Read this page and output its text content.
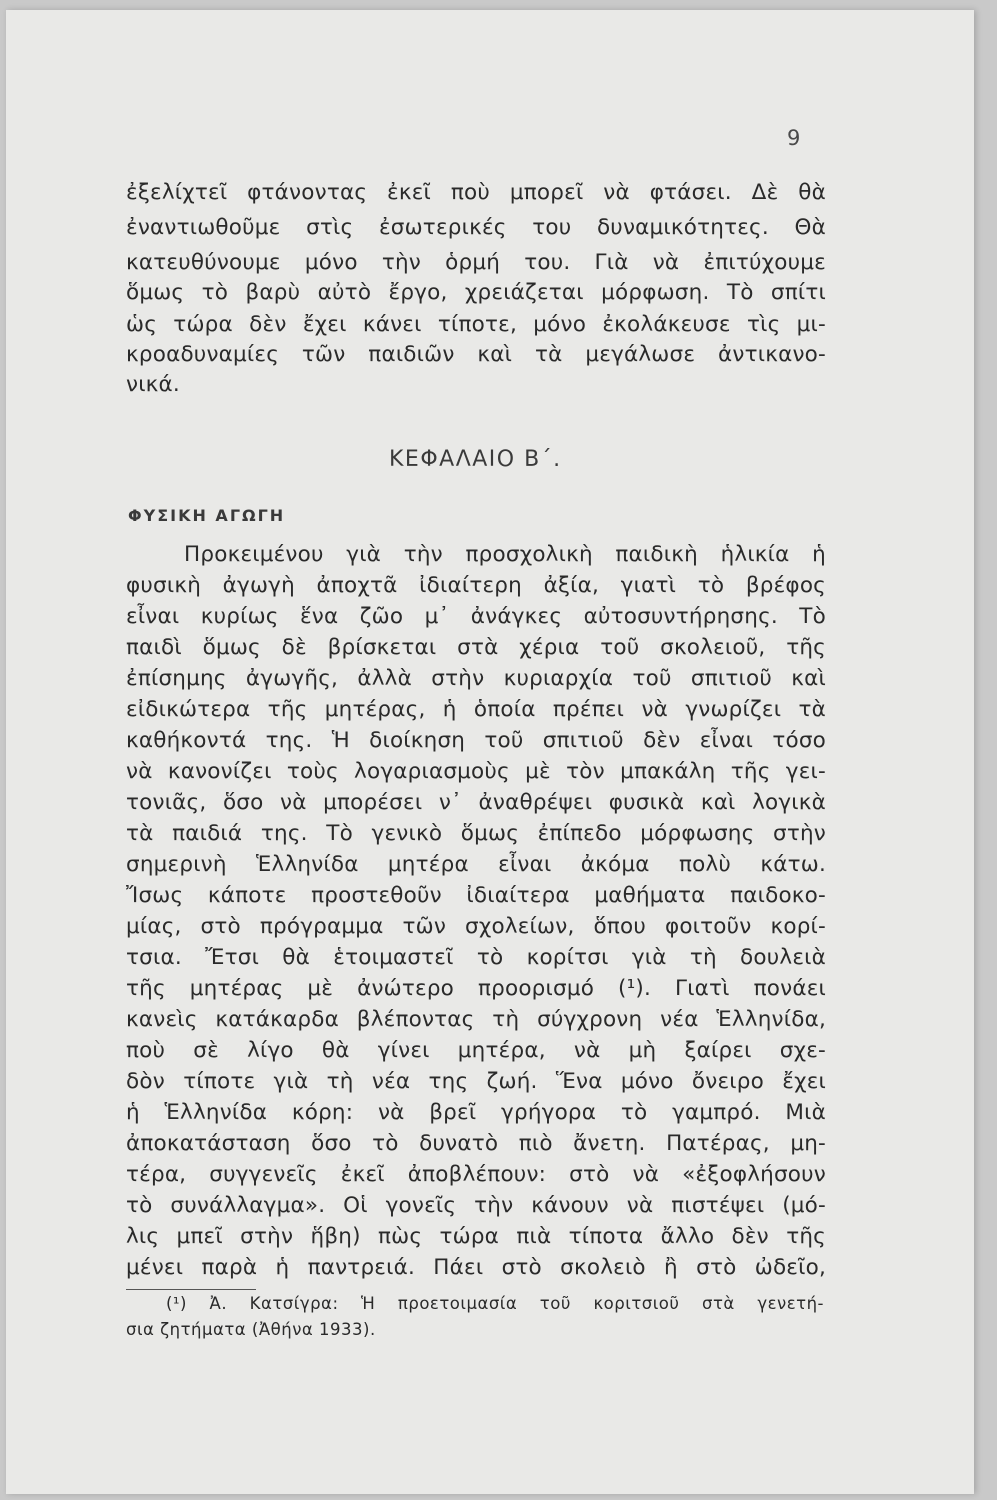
9
ἐξελίχτεῖ φτάνοντας ἐκεῖ ποὺ μπορεῖ νὰ φτάσει. Δὲ θὰ
ἐναντιωθοῦμε στὶς ἐσωτερικές του δυναμικότητες. Θὰ
κατευθύνουμε μόνο τὴν ὁρμή του. Γιὰ νὰ ἐπιτύχουμε
ὅμως τὸ βαρὺ αὐτὸ ἔργο, χρειάζεται μόρφωση. Τὸ σπίτι
ὡς τώρα δὲν ἔχει κάνει τίποτε, μόνο ἐκολάκευσε τὶς μι-
κροαδυναμίες τῶν παιδιῶν καὶ τὰ μεγάλωσε ἀντικανο-
νικά.
ΚΕΦΑΛΑΙΟ Β΄.
ΦΥΣΙΚΗ ΑΓΩΓΗ
Προκειμένου γιὰ τὴν προσχολικὴ παιδικὴ ἡλικία ἡ
φυσικὴ ἀγωγὴ ἀποχτᾶ ἰδιαίτερη ἀξία, γιατὶ τὸ βρέφος
εἶναι κυρίως ἕνα ζῶο μ᾿ ἀνάγκες αὐτοσυντήρησης. Τὸ
παιδὶ ὅμως δὲ βρίσκεται στὰ χέρια τοῦ σκολειοῦ, τῆς
ἐπίσημης ἀγωγῆς, ἀλλὰ στὴν κυριαρχία τοῦ σπιτιοῦ καὶ
εἰδικώτερα τῆς μητέρας, ἡ ὁποία πρέπει νὰ γνωρίζει τὰ
καθήκοντά της. Ἡ διοίκηση τοῦ σπιτιοῦ δὲν εἶναι τόσο
νὰ κανονίζει τοὺς λογαριασμοὺς μὲ τὸν μπακάλη τῆς γει-
τονιᾶς, ὅσο νὰ μπορέσει ν᾿ ἀναθρέψει φυσικὰ καὶ λογικὰ
τὰ παιδιά της. Τὸ γενικὸ ὅμως ἐπίπεδο μόρφωσης στὴν
σημερινὴ Ἑλληνίδα μητέρα εἶναι ἀκόμα πολὺ κάτω.
Ἴσως κάποτε προστεθοῦν ἰδιαίτερα μαθήματα παιδοκο-
μίας, στὸ πρόγραμμα τῶν σχολείων, ὅπου φοιτοῦν κορί-
τσια. Ἔτσι θὰ ἑτοιμαστεῖ τὸ κορίτσι γιὰ τὴ δουλειὰ
τῆς μητέρας μὲ ἀνώτερο προορισμό (¹). Γιατὶ πονάει
κανεὶς κατάκαρδα βλέποντας τὴ σύγχρονη νέα Ἑλληνίδα,
ποὺ σὲ λίγο θὰ γίνει μητέρα, νὰ μὴ ξαίρει σχε-
δὸν τίποτε γιὰ τὴ νέα της ζωή. Ἕνα μόνο ὄνειρο ἔχει
ἡ Ἑλληνίδα κόρη: νὰ βρεῖ γρήγορα τὸ γαμπρό. Μιὰ
ἀποκατάσταση ὅσο τὸ δυνατὸ πιὸ ἄνετη. Πατέρας, μη-
τέρα, συγγενεῖς ἐκεῖ ἀποβλέπουν: στὸ νὰ «ἐξοφλήσουν
τὸ συνάλλαγμα». Οἱ γονεῖς τὴν κάνουν νὰ πιστέψει (μό-
λις μπεῖ στὴν ἥβη) πὼς τώρα πιὰ τίποτα ἄλλο δὲν τῆς
μένει παρὰ ἡ παντρειά. Πάει στὸ σκολειὸ ἢ στὸ ὠδεῖο,
(¹) Ἀ. Κατσίγρα: Ἡ προετοιμασία τοῦ κοριτσιοῦ στὰ γενετή-
σια ζητήματα (Ἀθήνα 1933).
